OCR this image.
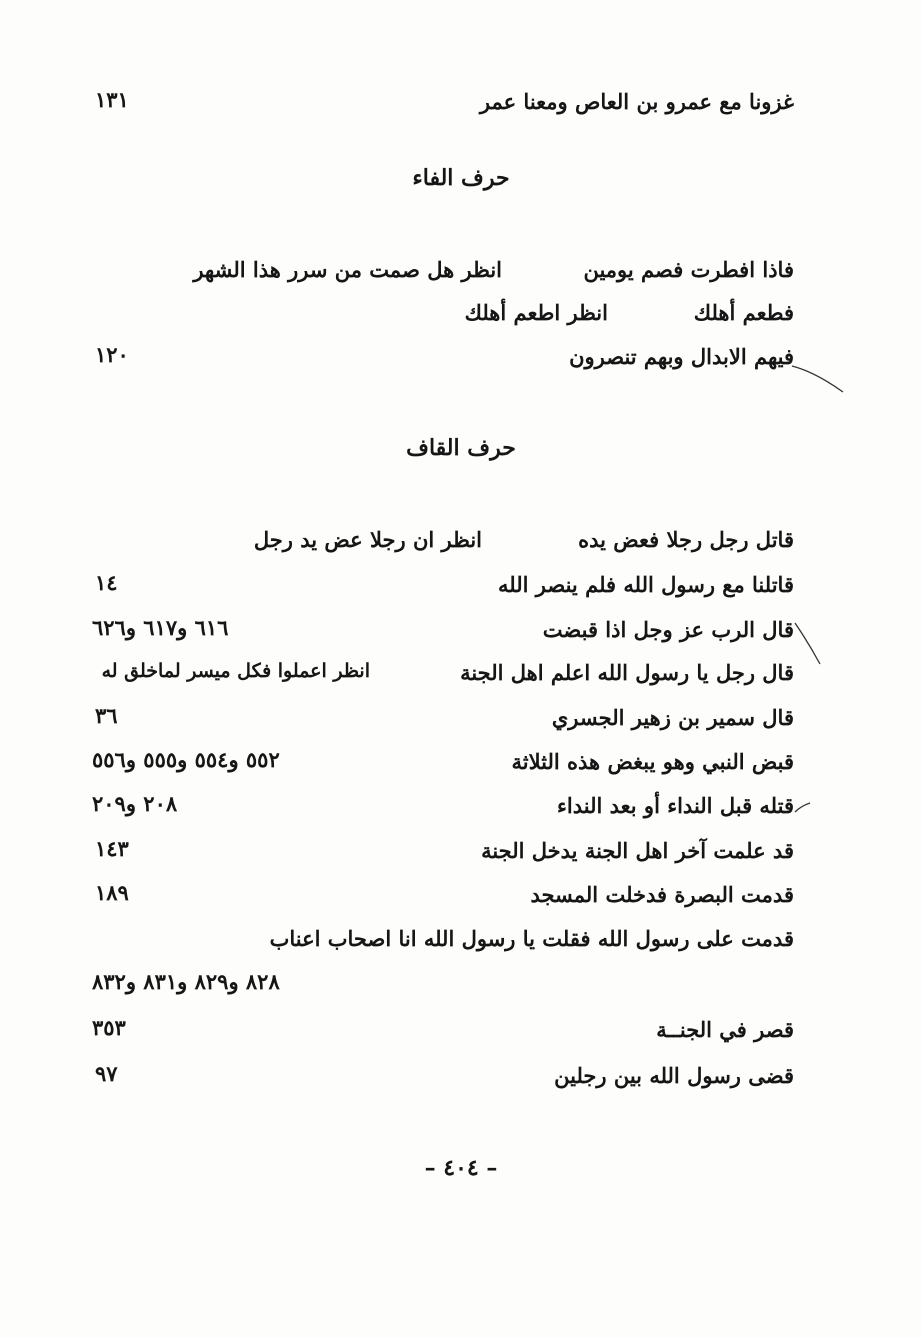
غزونا مع عمرو بن العاص ومعنا عمر
١٣١
حرف الفاء
فاذا افطرت فصم يومين
انظر هل صمت من سرر هذا الشهر
فطعم أهلك
انظر اطعم أهلك
فيهم الابدال وبهم تنصرون
١٢٠
حرف القاف
قاتل رجل رجلا فعض يده
انظر ان رجلا عض يد رجل
قاتلنا مع رسول الله فلم ينصر الله
١٤
قال الرب عز وجل اذا قبضت
٦١٦ و٦١٧ و٦٢٦
قال رجل يا رسول الله اعلم اهل الجنة
انظر اعملوا فكل ميسر لماخلق له
قال سمير بن زهير الجسري
٣٦
قبض النبي وهو يبغض هذه الثلاثة
٥٥٢ و٥٥٤ و٥٥٥ و٥٥٦
قتله قبل النداء أو بعد النداء
٢٠٨ و٢٠٩
قد علمت آخر اهل الجنة يدخل الجنة
١٤٣
قدمت البصرة فدخلت المسجد
١٨٩
قدمت على رسول الله فقلت يا رسول الله انا اصحاب اعناب
٨٢٨ و٨٢٩ و٨٣١ و٨٣٢
قصر في الجنــة
٣٥٣
قضى رسول الله بين رجلين
٩٧
– ٤٠٤ –
